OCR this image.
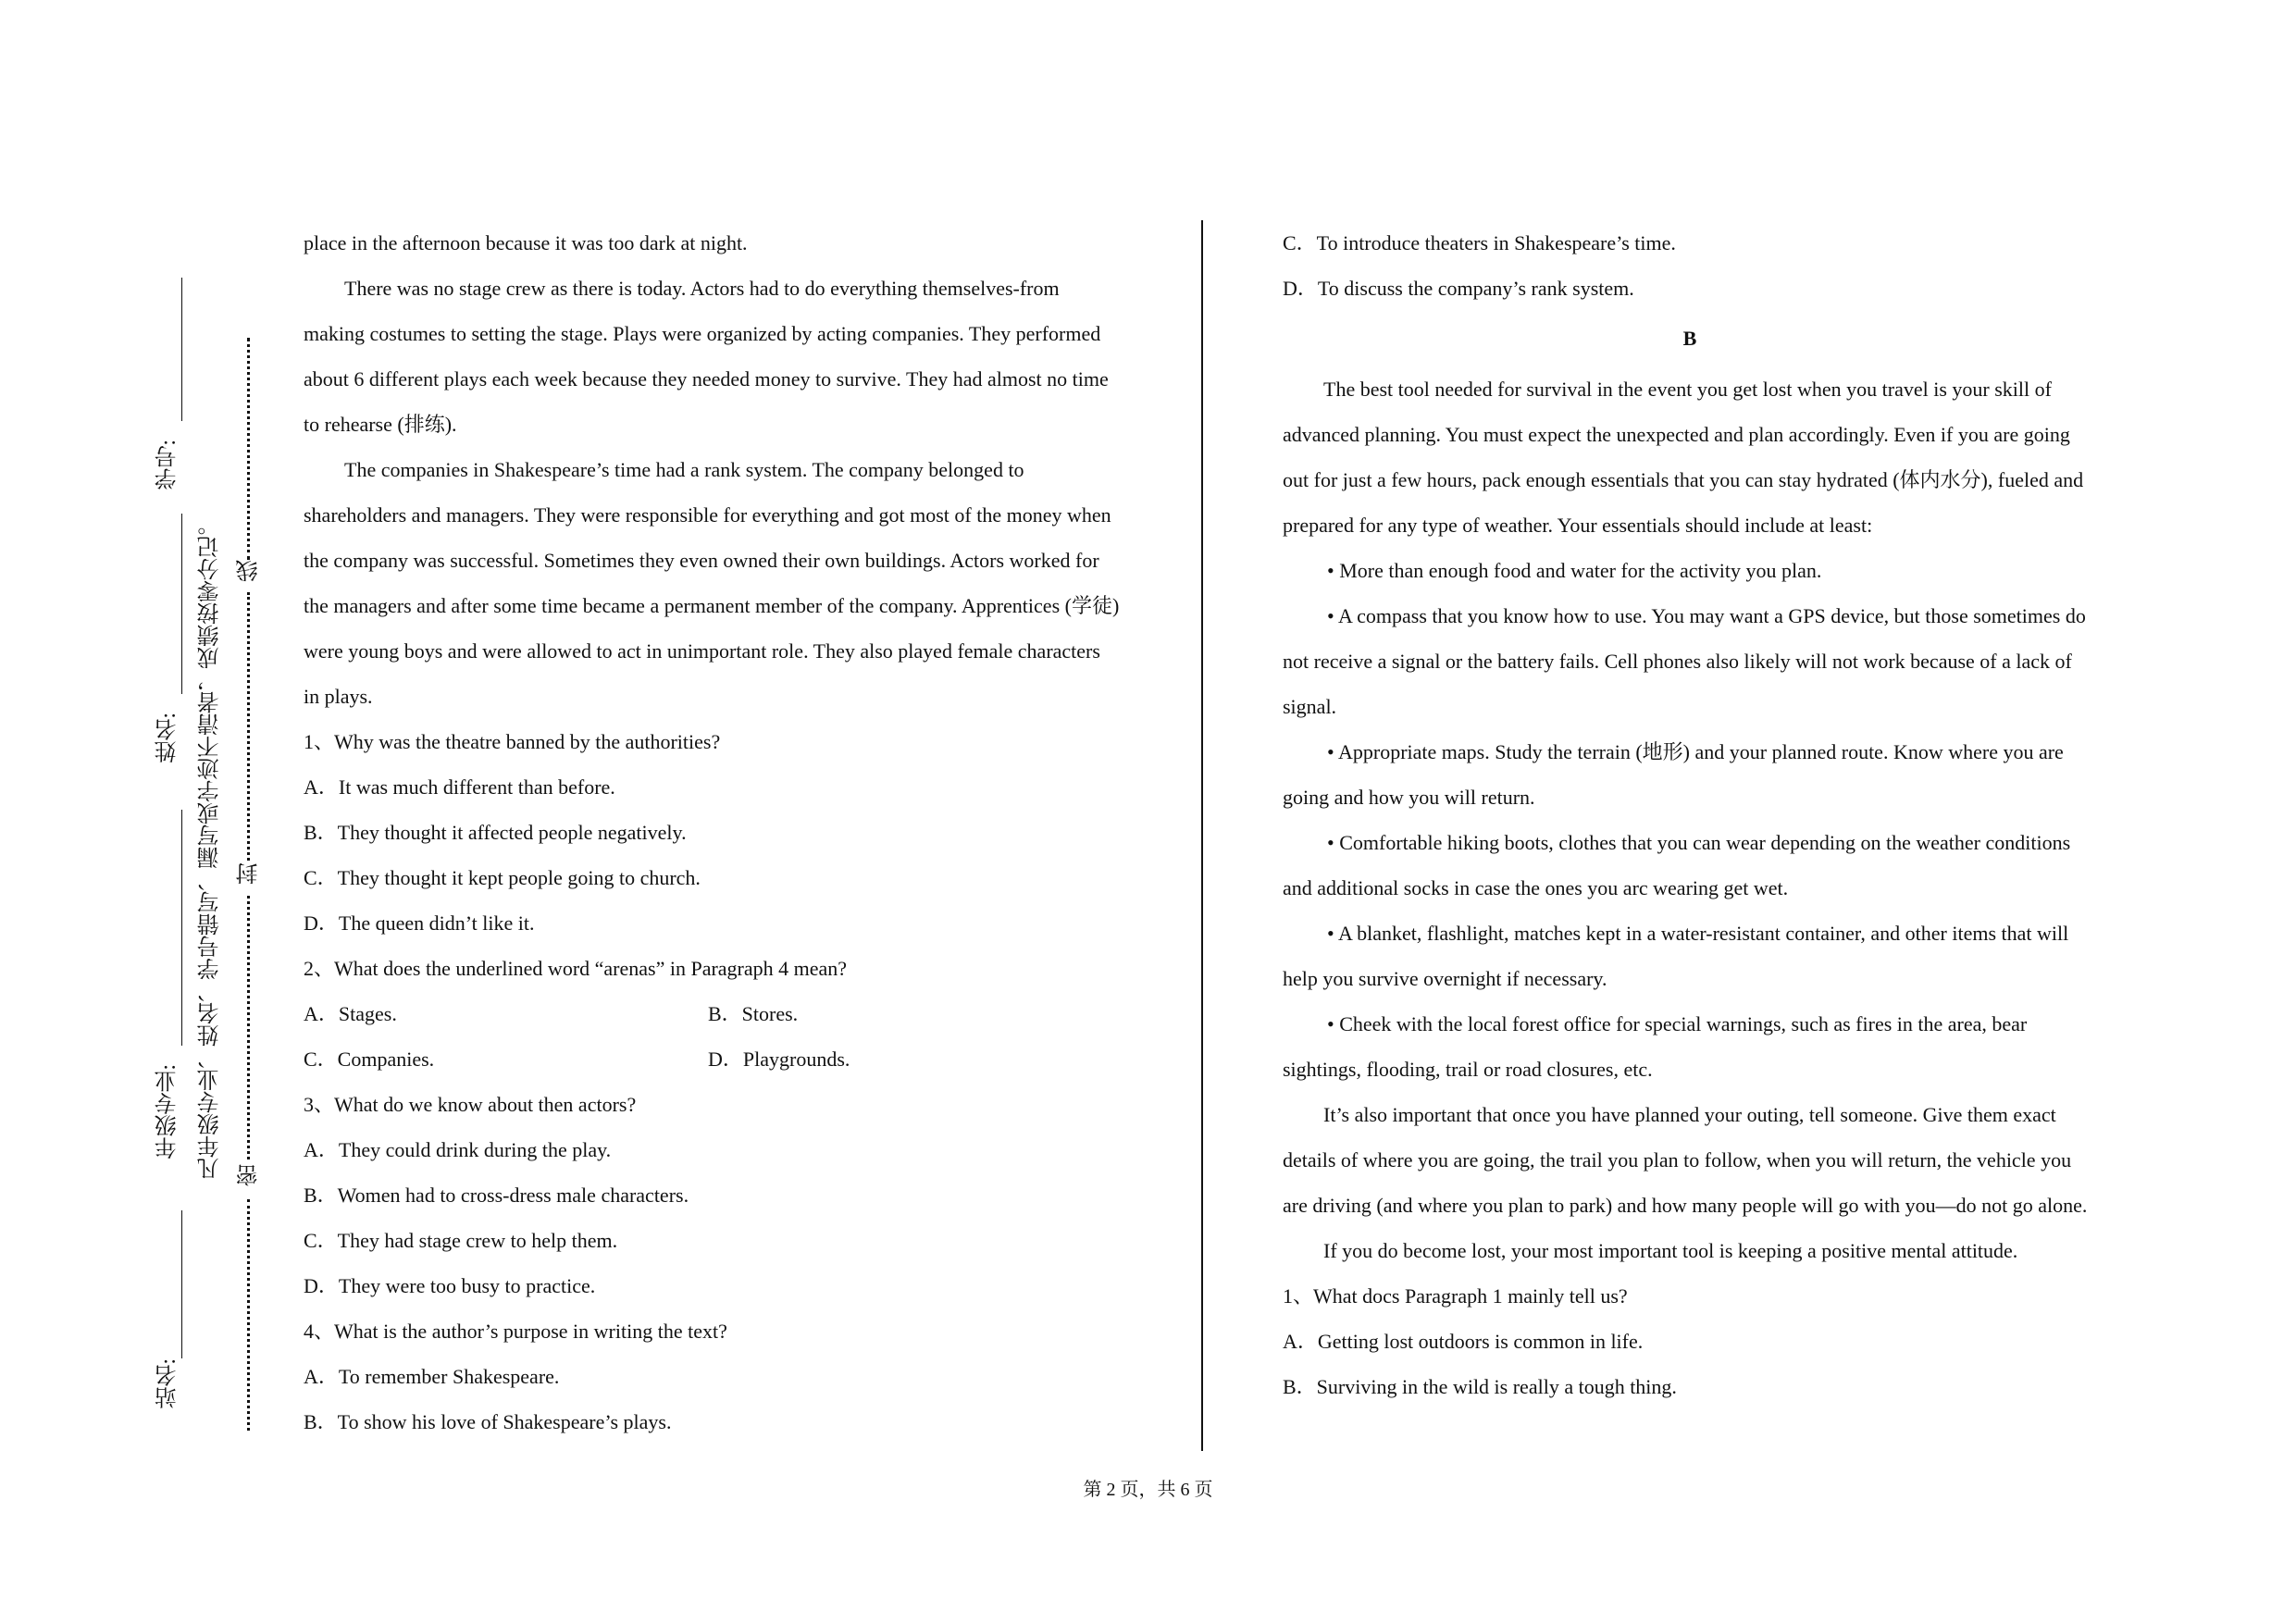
站名:
年级专业:
姓名:
学号:
凡年级专业、姓名、学号错写、漏写或字迹不清者，成绩按零分记。 线
封
密

place in the afternoon because it was too dark at night.

There was no stage crew as there is today. Actors had to do everything themselves-from

making costumes to setting the stage. Plays were organized by acting companies. They performed

about 6 different plays each week because they needed money to survive. They had almost no time

to rehearse (排练).

The companies in Shakespeare’s time had a rank system. The company belonged to

shareholders and managers. They were responsible for everything and got most of the money when

the company was successful. Sometimes they even owned their own buildings. Actors worked for

the managers and after some time became a permanent member of the company. Apprentices (学徒)

were young boys and were allowed to act in unimportant role. They also played female characters

in plays.

1、Why was the theatre banned by the authorities?

A．It was much different than before.

B．They thought it affected people negatively.

C．They thought it kept people going to church.

D．The queen didn’t like it.

2、What does the underlined word “arenas” in Paragraph 4 mean?

A．Stages.	B．Stores.
C．Companies.	D．Playgrounds.

3、What do we know about then actors?

A．They could drink during the play.

B．Women had to cross-dress male characters.

C．They had stage crew to help them.

D．They were too busy to practice.

4、What is the author’s purpose in writing the text?

A．To remember Shakespeare.

B．To show his love of Shakespeare’s plays.

C．To introduce theaters in Shakespeare’s time.

D．To discuss the company’s rank system.

B

The best tool needed for survival in the event you get lost when you travel is your skill of

advanced planning. You must expect the unexpected and plan accordingly. Even if you are going

out for just a few hours, pack enough essentials that you can stay hydrated (体内水分), fueled and

prepared for any type of weather. Your essentials should include at least:

• More than enough food and water for the activity you plan.

• A compass that you know how to use. You may want a GPS device, but those sometimes do

not receive a signal or the battery fails. Cell phones also likely will not work because of a lack of

signal.

• Appropriate maps. Study the terrain (地形) and your planned route. Know where you are

going and how you will return.

• Comfortable hiking boots, clothes that you can wear depending on the weather conditions

and additional socks in case the ones you arc wearing get wet.

• A blanket, flashlight, matches kept in a water-resistant container, and other items that will

help you survive overnight if necessary.

• Cheek with the local forest office for special warnings, such as fires in the area, bear

sightings, flooding, trail or road closures, etc.

It’s also important that once you have planned your outing, tell someone. Give them exact

details of where you are going, the trail you plan to follow, when you will return, the vehicle you

are driving (and where you plan to park) and how many people will go with you—do not go alone.

If you do become lost, your most important tool is keeping a positive mental attitude.

1、What docs Paragraph 1 mainly tell us?

A．Getting lost outdoors is common in life.

B．Surviving in the wild is really a tough thing.

第 2 页，共 6 页
